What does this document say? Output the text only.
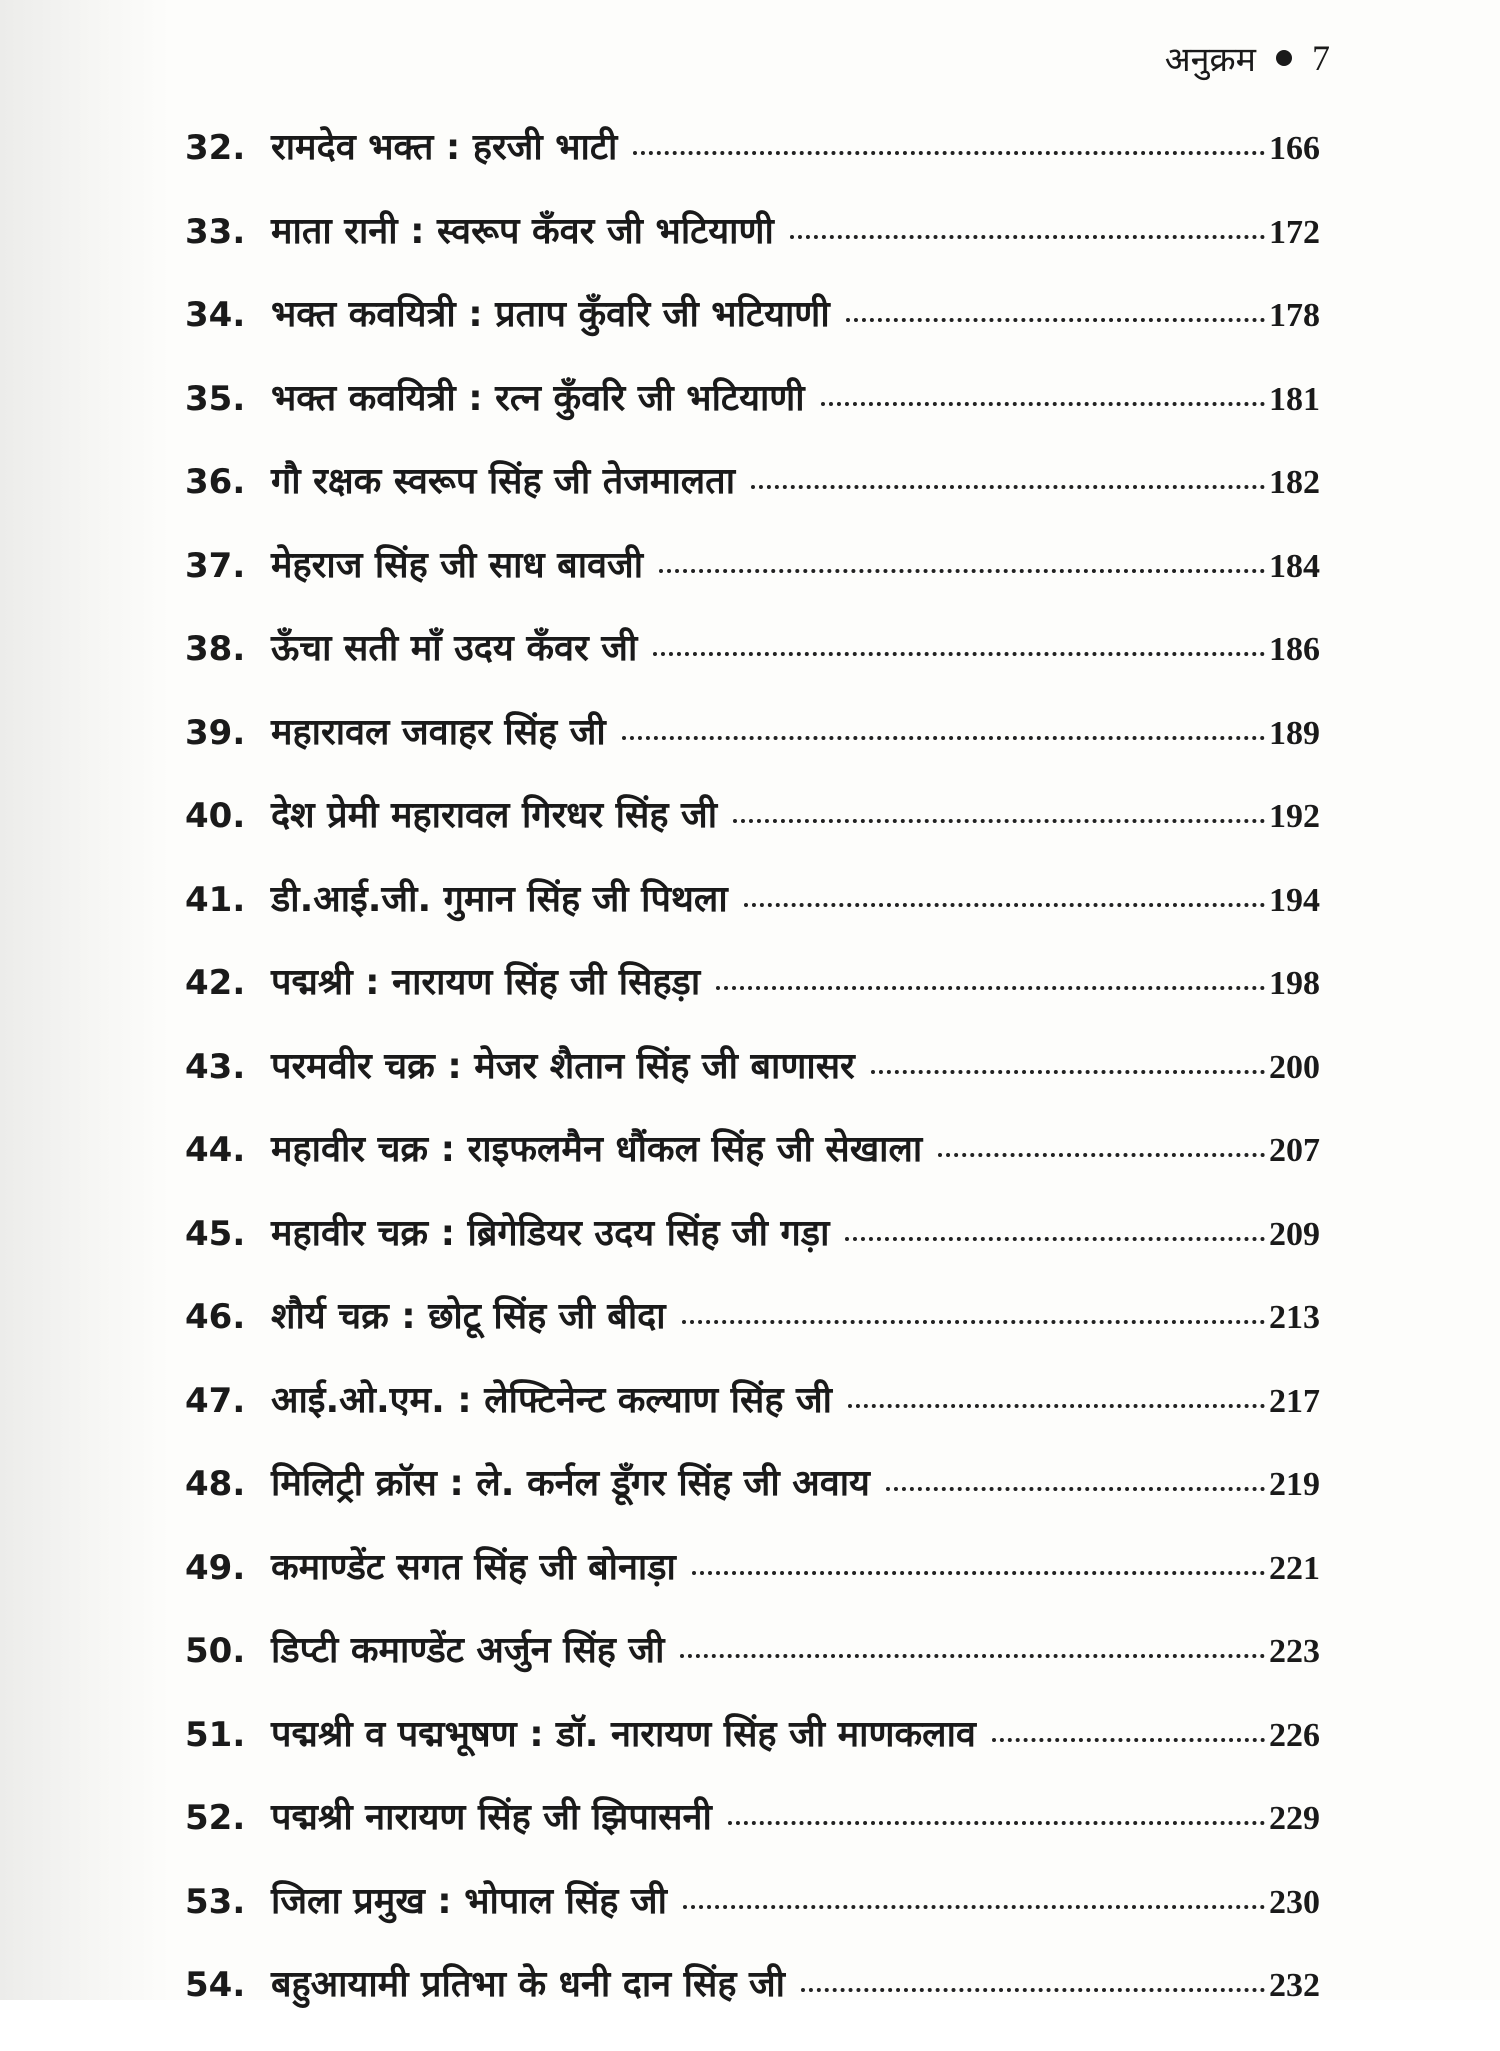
अनुक्रम 7
32. रामदेव भक्त : हरजी भाटी	166
33. माता रानी : स्वरूप कँवर जी भटियाणी	172
34. भक्त कवयित्री : प्रताप कुँवरि जी भटियाणी	178
35. भक्त कवयित्री : रत्न कुँवरि जी भटियाणी	181
36. गौ रक्षक स्वरूप सिंह जी तेजमालता	182
37. मेहराज सिंह जी साध बावजी	184
38. ऊँचा सती माँ उदय कँवर जी	186
39. महारावल जवाहर सिंह जी	189
40. देश प्रेमी महारावल गिरधर सिंह जी	192
41. डी.आई.जी. गुमान सिंह जी पिथला	194
42. पद्मश्री : नारायण सिंह जी सिहड़ा	198
43. परमवीर चक्र : मेजर शैतान सिंह जी बाणासर	200
44. महावीर चक्र : राइफलमैन धौंकल सिंह जी सेखाला	207
45. महावीर चक्र : ब्रिगेडियर उदय सिंह जी गड़ा	209
46. शौर्य चक्र : छोटू सिंह जी बीदा	213
47. आई.ओ.एम. : लेफ्टिनेन्ट कल्याण सिंह जी	217
48. मिलिट्री क्रॉस : ले. कर्नल डूँगर सिंह जी अवाय	219
49. कमाण्डेंट सगत सिंह जी बोनाड़ा	221
50. डिप्टी कमाण्डेंट अर्जुन सिंह जी	223
51. पद्मश्री व पद्मभूषण : डॉ. नारायण सिंह जी माणकलाव	226
52. पद्मश्री नारायण सिंह जी झिपासनी	229
53. जिला प्रमुख : भोपाल सिंह जी	230
54. बहुआयामी प्रतिभा के धनी दान सिंह जी	232
